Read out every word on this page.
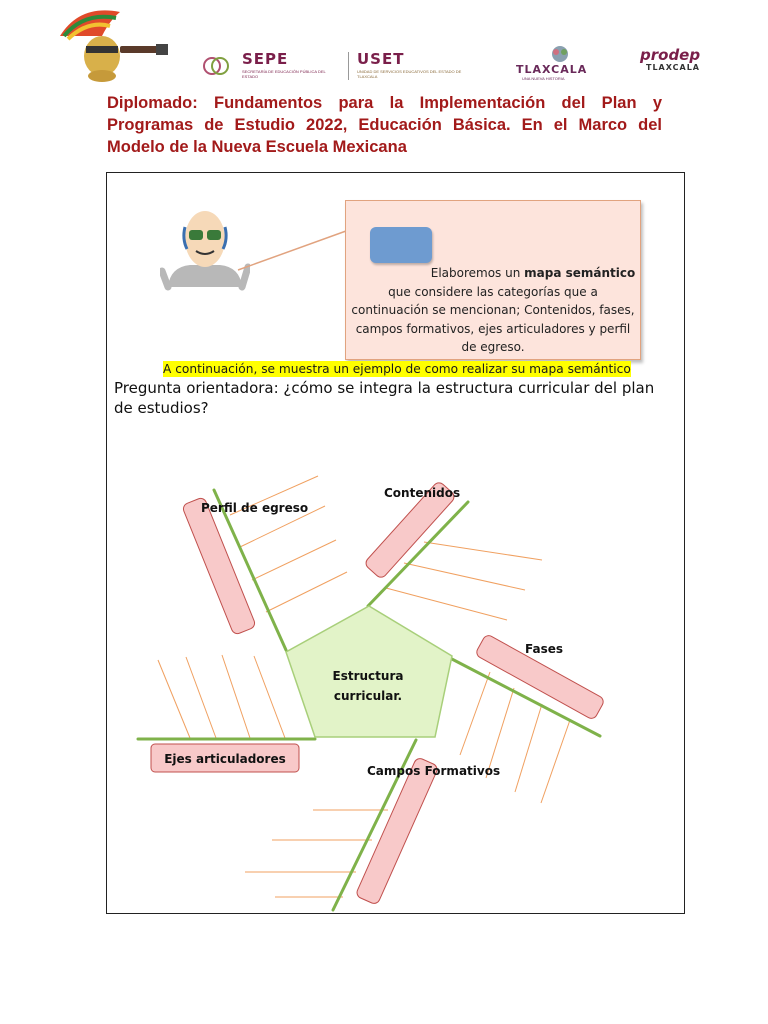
SEPE
SECRETARÍA DE EDUCACIÓN PÚBLICA DEL ESTADO
USET
UNIDAD DE SERVICIOS EDUCATIVOS DEL ESTADO DE TLAXCALA
TLAXCALA
UNA NUEVA HISTORIA
prodep
TLAXCALA

Diplomado: Fundamentos para la Implementación del Plan y Programas de Estudio 2022, Educación Básica. En el Marco del Modelo de la Nueva Escuela Mexicana

Elaboremos un mapa semántico
que considere las categorías que a continuación se mencionan; Contenidos, fases, campos formativos, ejes articuladores y perfil de egreso.
A continuación, se muestra un ejemplo de como realizar su mapa semántico
Pregunta orientadora: ¿cómo se integra la estructura curricular del plan de estudios?
Estructura
curricular.
Perfil de egreso
Contenidos
Fases
Ejes articuladores
Campos Formativos
